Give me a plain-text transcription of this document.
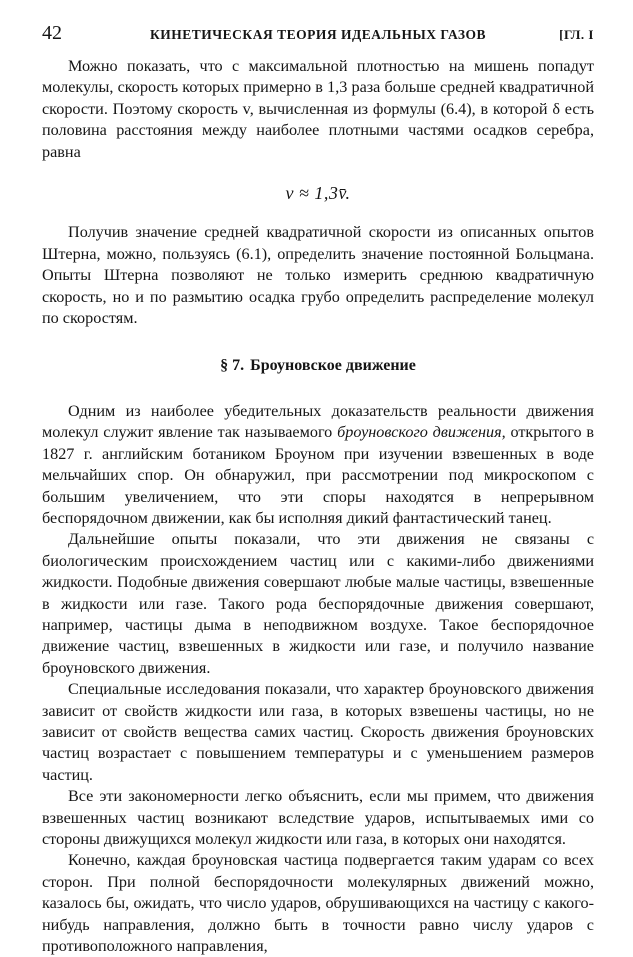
42	КИНЕТИЧЕСКАЯ ТЕОРИЯ ИДЕАЛЬНЫХ ГАЗОВ	[ГЛ. I

Можно показать, что с максимальной плотностью на мишень попадут молекулы, скорость которых примерно в 1,3 раза больше средней квадратичной скорости. Поэтому скорость v, вычисленная из формулы (6.4), в которой δ есть половина расстояния между наиболее плотными частями осадков серебра, равна

v ≈ 1,3v̄̄.

Получив значение средней квадратичной скорости из описанных опытов Штерна, можно, пользуясь (6.1), определить значение постоянной Больцмана. Опыты Штерна позволяют не только измерить среднюю квадратичную скорость, но и по размытию осадка грубо определить распределение молекул по скоростям.

§ 7. Броуновское движение

Одним из наиболее убедительных доказательств реальности движения молекул служит явление так называемого броуновского движения, открытого в 1827 г. английским ботаником Броуном при изучении взвешенных в воде мельчайших спор. Он обнаружил, при рассмотрении под микроскопом с большим увеличением, что эти споры находятся в непрерывном беспорядочном движении, как бы исполняя дикий фантастический танец.

Дальнейшие опыты показали, что эти движения не связаны с биологическим происхождением частиц или с какими-либо движениями жидкости. Подобные движения совершают любые малые частицы, взвешенные в жидкости или газе. Такого рода беспорядочные движения совершают, например, частицы дыма в неподвижном воздухе. Такое беспорядочное движение частиц, взвешенных в жидкости или газе, и получило название броуновского движения.

Специальные исследования показали, что характер броуновского движения зависит от свойств жидкости или газа, в которых взвешены частицы, но не зависит от свойств вещества самих частиц. Скорость движения броуновских частиц возрастает с повышением температуры и с уменьшением размеров частиц.

Все эти закономерности легко объяснить, если мы примем, что движения взвешенных частиц возникают вследствие ударов, испытываемых ими со стороны движущихся молекул жидкости или газа, в которых они находятся.

Конечно, каждая броуновская частица подвергается таким ударам со всех сторон. При полной беспорядочности молекулярных движений можно, казалось бы, ожидать, что число ударов, обрушивающихся на частицу с какого-нибудь направления, должно быть в точности равно числу ударов с противоположного направления,
